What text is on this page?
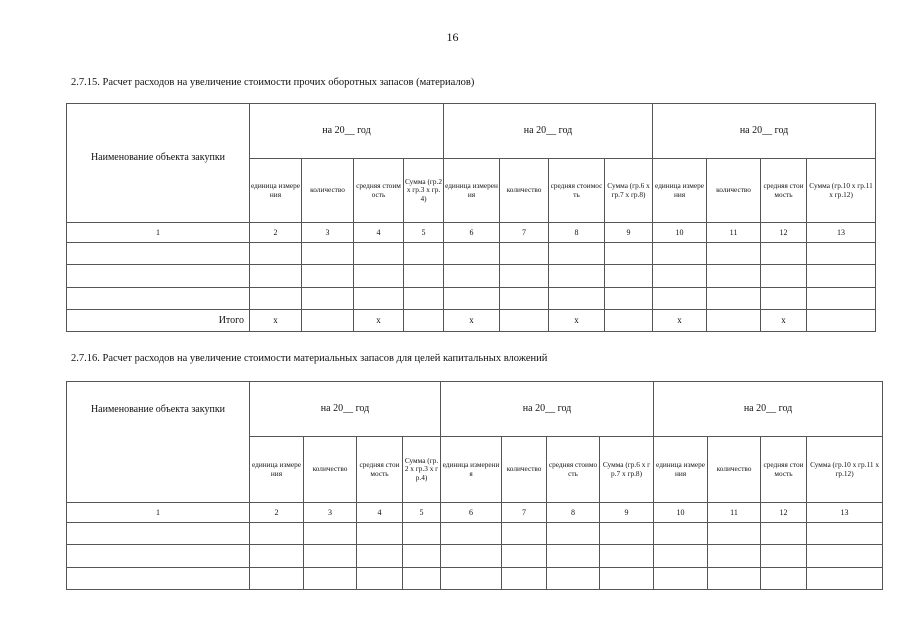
16
2.7.15. Расчет расходов на увеличение стоимости прочих оборотных запасов (материалов)
Наименование объекта закупки	на 20__ год				на 20__ год				на 20__ год			
	единица измерения	количество	средняя стоимость	Сумма (гр.2 х гр.3 х гр.4)	единица измерения	количество	средняя стоимость	Сумма (гр.6 х гр.7 х гр.8)	единица измерения	количество	средняя стоимость	Сумма (гр.10 х гр.11 х гр.12)
1	2	3	4	5	6	7	8	9	10	11	12	13

Итого	х		х		х		х		х		х	
2.7.16. Расчет расходов на увеличение стоимости материальных запасов для целей капитальных вложений
Наименование объекта закупки	на 20__ год				на 20__ год				на 20__ год			
	единица измерения	количество	средняя стоимость	Сумма (гр.2 х гр.3 х гр.4)	единица измерения	количество	средняя стоимость	Сумма (гр.6 х гр.7 х гр.8)	единица измерения	количество	средняя стоимость	Сумма (гр.10 х гр.11 х гр.12)
1	2	3	4	5	6	7	8	9	10	11	12	13
